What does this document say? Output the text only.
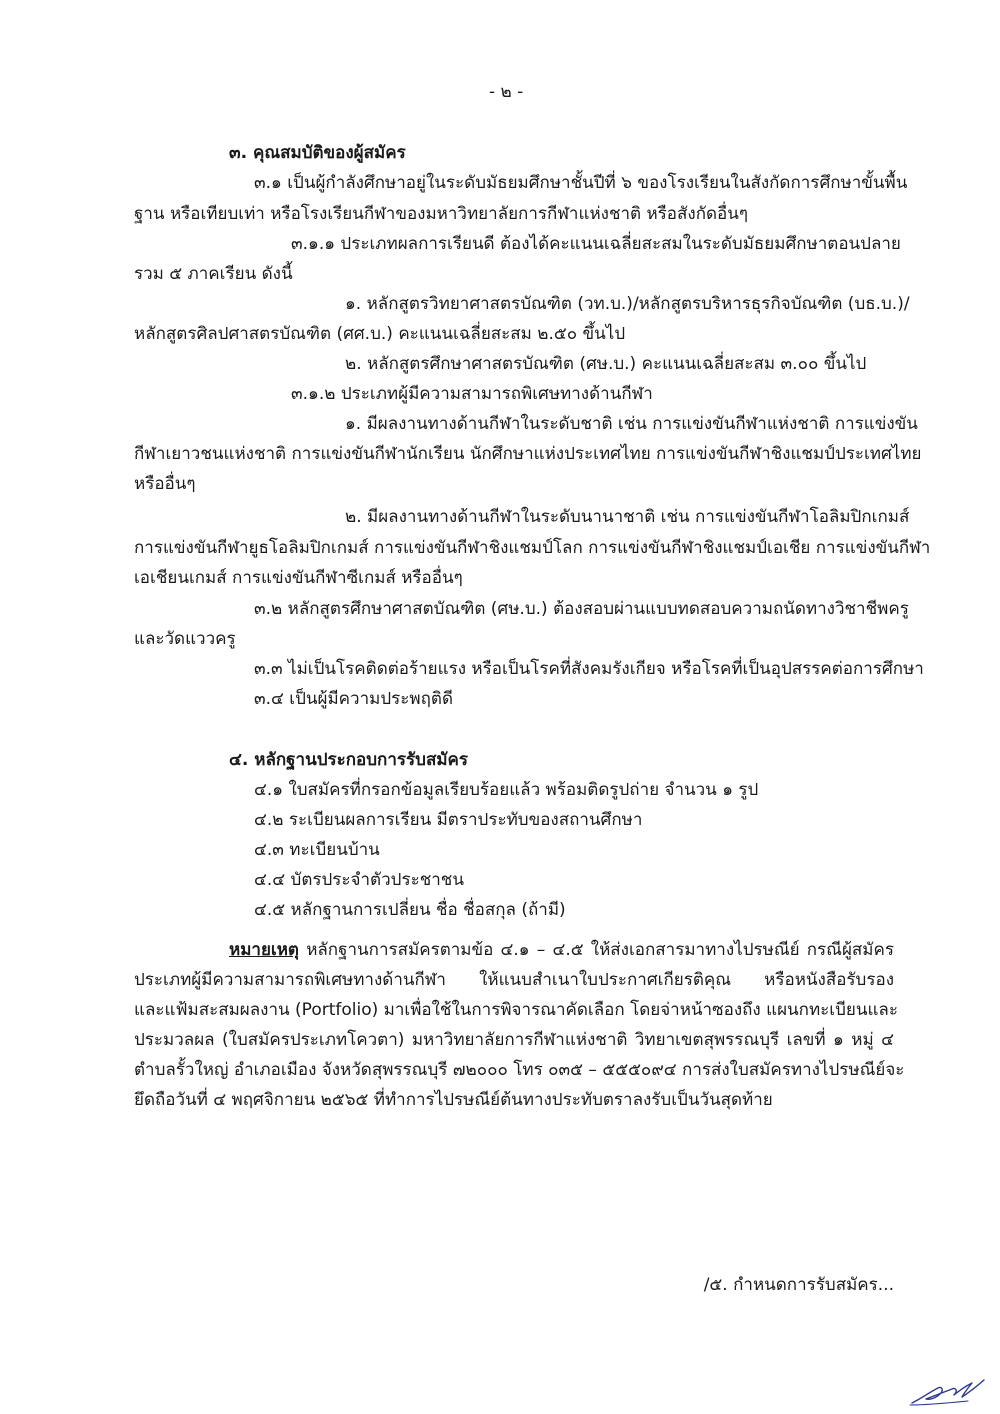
- ๒ -

๓. คุณสมบัติของผู้สมัคร

๓.๑ เป็นผู้กำลังศึกษาอยู่ในระดับมัธยมศึกษาชั้นปีที่ ๖ ของโรงเรียนในสังกัดการศึกษาขั้นพื้น

ฐาน หรือเทียบเท่า หรือโรงเรียนกีฬาของมหาวิทยาลัยการกีฬาแห่งชาติ หรือสังกัดอื่นๆ

๓.๑.๑ ประเภทผลการเรียนดี ต้องได้คะแนนเฉลี่ยสะสมในระดับมัธยมศึกษาตอนปลาย

รวม ๕ ภาคเรียน ดังนี้

๑. หลักสูตรวิทยาศาสตรบัณฑิต (วท.บ.)/หลักสูตรบริหารธุรกิจบัณฑิต (บธ.บ.)/

หลักสูตรศิลปศาสตรบัณฑิต (ศศ.บ.) คะแนนเฉลี่ยสะสม ๒.๕๐ ขึ้นไป

๒. หลักสูตรศึกษาศาสตรบัณฑิต (ศษ.บ.) คะแนนเฉลี่ยสะสม ๓.๐๐ ขึ้นไป

๓.๑.๒ ประเภทผู้มีความสามารถพิเศษทางด้านกีฬา

๑. มีผลงานทางด้านกีฬาในระดับชาติ เช่น การแข่งขันกีฬาแห่งชาติ การแข่งขัน

กีฬาเยาวชนแห่งชาติ การแข่งขันกีฬานักเรียน นักศึกษาแห่งประเทศไทย การแข่งขันกีฬาชิงแชมป์ประเทศไทย

หรืออื่นๆ

๒. มีผลงานทางด้านกีฬาในระดับนานาชาติ เช่น การแข่งขันกีฬาโอลิมปิกเกมส์

การแข่งขันกีฬายูธโอลิมปิกเกมส์ การแข่งขันกีฬาชิงแชมป์โลก การแข่งขันกีฬาชิงแชมป์เอเชีย การแข่งขันกีฬา

เอเชียนเกมส์ การแข่งขันกีฬาซีเกมส์ หรืออื่นๆ

๓.๒ หลักสูตรศึกษาศาสตบัณฑิต (ศษ.บ.) ต้องสอบผ่านแบบทดสอบความถนัดทางวิชาชีพครู

และวัดแววครู

๓.๓ ไม่เป็นโรคติดต่อร้ายแรง หรือเป็นโรคที่สังคมรังเกียจ หรือโรคที่เป็นอุปสรรคต่อการศึกษา

๓.๔ เป็นผู้มีความประพฤติดี

๔. หลักฐานประกอบการรับสมัคร

๔.๑ ใบสมัครที่กรอกข้อมูลเรียบร้อยแล้ว พร้อมติดรูปถ่าย จำนวน ๑ รูป

๔.๒ ระเบียนผลการเรียน มีตราประทับของสถานศึกษา

๔.๓ ทะเบียนบ้าน

๔.๔ บัตรประจำตัวประชาชน

๔.๕ หลักฐานการเปลี่ยน ชื่อ ชื่อสกุล (ถ้ามี)

หมายเหตุ หลักฐานการสมัครตามข้อ ๔.๑ – ๔.๕ ให้ส่งเอกสารมาทางไปรษณีย์ กรณีผู้สมัคร

ประเภทผู้มีความสามารถพิเศษทางด้านกีฬา ให้แนบสำเนาใบประกาศเกียรติคุณ หรือหนังสือรับรอง

และแฟ้มสะสมผลงาน (Portfolio) มาเพื่อใช้ในการพิจารณาคัดเลือก โดยจ่าหน้าซองถึง แผนกทะเบียนและ

ประมวลผล (ใบสมัครประเภทโควตา) มหาวิทยาลัยการกีฬาแห่งชาติ วิทยาเขตสุพรรณบุรี เลขที่ ๑ หมู่ ๔

ตำบลรั้วใหญ่ อำเภอเมือง จังหวัดสุพรรณบุรี ๗๒๐๐๐ โทร ๐๓๕ – ๕๕๕๐๙๔ การส่งใบสมัครทางไปรษณีย์จะ

ยึดถือวันที่ ๔ พฤศจิกายน ๒๕๖๕ ที่ทำการไปรษณีย์ต้นทางประทับตราลงรับเป็นวันสุดท้าย

/๕. กำหนดการรับสมัคร...
